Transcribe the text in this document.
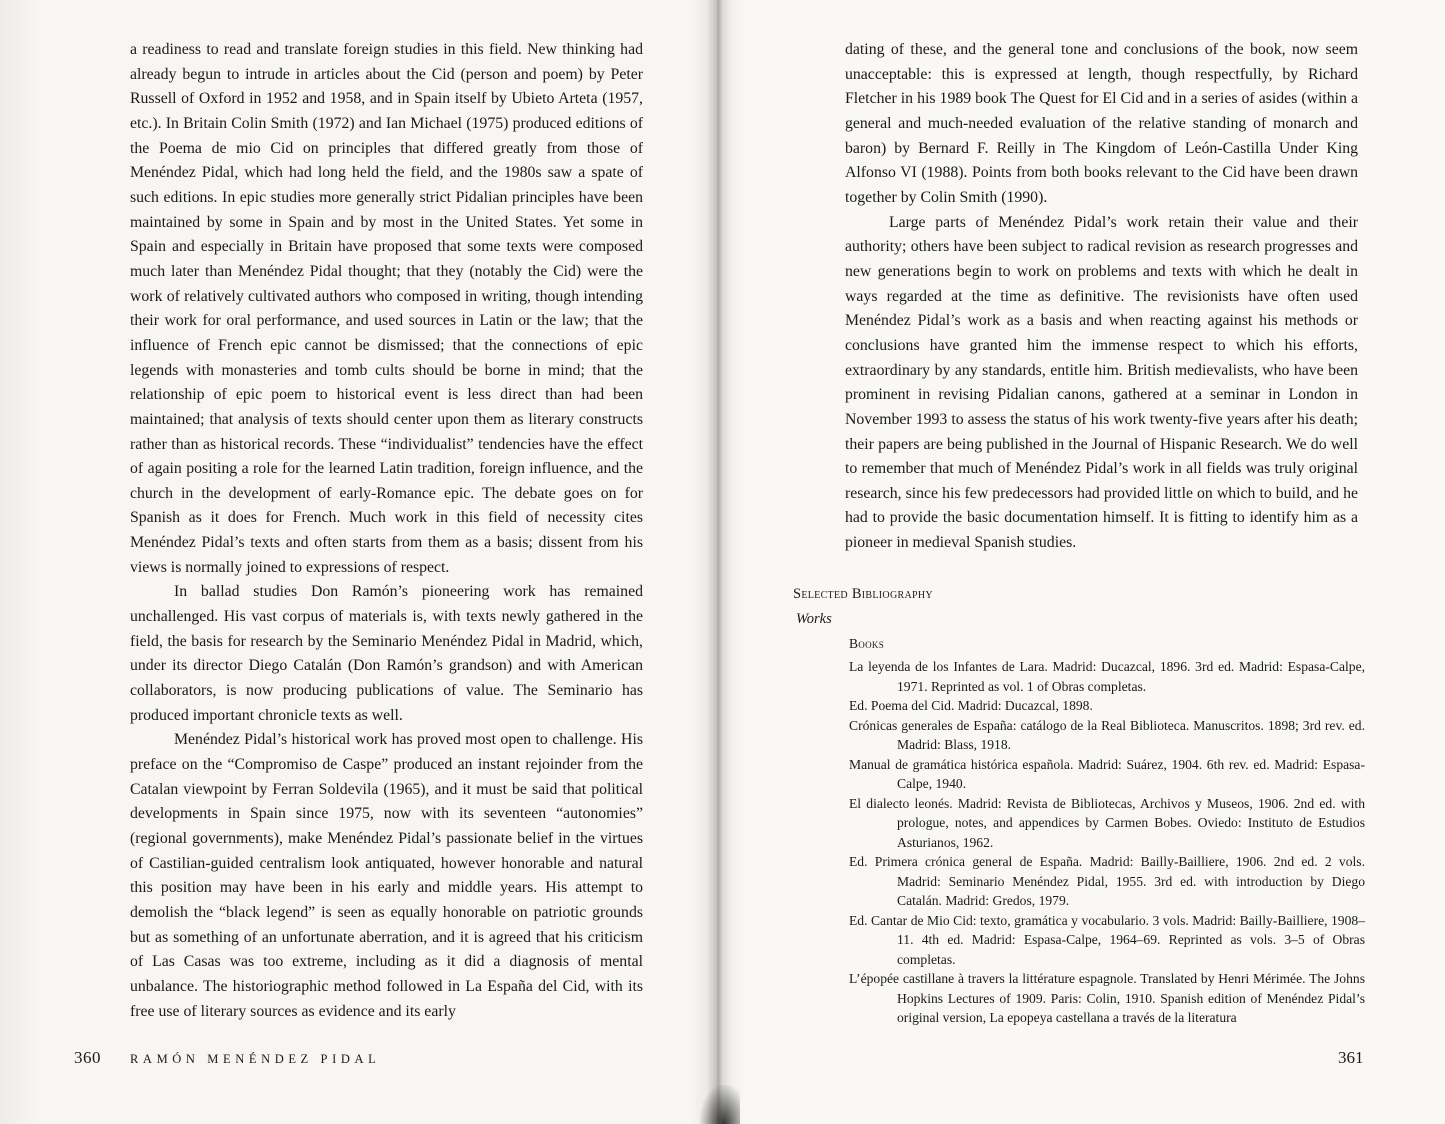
a readiness to read and translate foreign studies in this field. New thinking had already begun to intrude in articles about the Cid (person and poem) by Peter Russell of Oxford in 1952 and 1958, and in Spain itself by Ubieto Arteta (1957, etc.). In Britain Colin Smith (1972) and Ian Michael (1975) produced editions of the Poema de mio Cid on principles that differed greatly from those of Menéndez Pidal, which had long held the field, and the 1980s saw a spate of such editions. In epic studies more generally strict Pidalian principles have been maintained by some in Spain and by most in the United States. Yet some in Spain and especially in Britain have proposed that some texts were composed much later than Menéndez Pidal thought; that they (notably the Cid) were the work of relatively cultivated authors who composed in writing, though intending their work for oral performance, and used sources in Latin or the law; that the influence of French epic cannot be dismissed; that the connections of epic legends with monasteries and tomb cults should be borne in mind; that the relationship of epic poem to historical event is less direct than had been maintained; that analysis of texts should center upon them as literary constructs rather than as historical records. These “individualist” tendencies have the effect of again positing a role for the learned Latin tradition, foreign influence, and the church in the development of early-Romance epic. The debate goes on for Spanish as it does for French. Much work in this field of necessity cites Menéndez Pidal’s texts and often starts from them as a basis; dissent from his views is normally joined to expressions of respect.

In ballad studies Don Ramón’s pioneering work has remained unchallenged. His vast corpus of materials is, with texts newly gathered in the field, the basis for research by the Seminario Menéndez Pidal in Madrid, which, under its director Diego Catalán (Don Ramón’s grandson) and with American collaborators, is now producing publications of value. The Seminario has produced important chronicle texts as well.

Menéndez Pidal’s historical work has proved most open to challenge. His preface on the “Compromiso de Caspe” produced an instant rejoinder from the Catalan viewpoint by Ferran Soldevila (1965), and it must be said that political developments in Spain since 1975, now with its seventeen “autonomies” (regional governments), make Menéndez Pidal’s passionate belief in the virtues of Castilian-guided centralism look antiquated, however honorable and natural this position may have been in his early and middle years. His attempt to demolish the “black legend” is seen as equally honorable on patriotic grounds but as something of an unfortunate aberration, and it is agreed that his criticism of Las Casas was too extreme, including as it did a diagnosis of mental unbalance. The historiographic method followed in La España del Cid, with its free use of literary sources as evidence and its early

360 RAMÓN MENÉNDEZ PIDAL

dating of these, and the general tone and conclusions of the book, now seem unacceptable: this is expressed at length, though respectfully, by Richard Fletcher in his 1989 book The Quest for El Cid and in a series of asides (within a general and much-needed evaluation of the relative standing of monarch and baron) by Bernard F. Reilly in The Kingdom of León-Castilla Under King Alfonso VI (1988). Points from both books relevant to the Cid have been drawn together by Colin Smith (1990).

Large parts of Menéndez Pidal’s work retain their value and their authority; others have been subject to radical revision as research progresses and new generations begin to work on problems and texts with which he dealt in ways regarded at the time as definitive. The revisionists have often used Menéndez Pidal’s work as a basis and when reacting against his methods or conclusions have granted him the immense respect to which his efforts, extraordinary by any standards, entitle him. British medievalists, who have been prominent in revising Pidalian canons, gathered at a seminar in London in November 1993 to assess the status of his work twenty-five years after his death; their papers are being published in the Journal of Hispanic Research. We do well to remember that much of Menéndez Pidal’s work in all fields was truly original research, since his few predecessors had provided little on which to build, and he had to provide the basic documentation himself. It is fitting to identify him as a pioneer in medieval Spanish studies.

Selected Bibliography
Works
Books

La leyenda de los Infantes de Lara. Madrid: Ducazcal, 1896. 3rd ed. Madrid: Espasa-Calpe, 1971. Reprinted as vol. 1 of Obras completas.

Ed. Poema del Cid. Madrid: Ducazcal, 1898.

Crónicas generales de España: catálogo de la Real Biblioteca. Manuscritos. 1898; 3rd rev. ed. Madrid: Blass, 1918.

Manual de gramática histórica española. Madrid: Suárez, 1904. 6th rev. ed. Madrid: Espasa-Calpe, 1940.

El dialecto leonés. Madrid: Revista de Bibliotecas, Archivos y Museos, 1906. 2nd ed. with prologue, notes, and appendices by Carmen Bobes. Oviedo: Instituto de Estudios Asturianos, 1962.

Ed. Primera crónica general de España. Madrid: Bailly-Bailliere, 1906. 2nd ed. 2 vols. Madrid: Seminario Menéndez Pidal, 1955. 3rd ed. with introduction by Diego Catalán. Madrid: Gredos, 1979.

Ed. Cantar de Mio Cid: texto, gramática y vocabulario. 3 vols. Madrid: Bailly-Bailliere, 1908–11. 4th ed. Madrid: Espasa-Calpe, 1964–69. Reprinted as vols. 3–5 of Obras completas.

L’épopée castillane à travers la littérature espagnole. Translated by Henri Mérimée. The Johns Hopkins Lectures of 1909. Paris: Colin, 1910. Spanish edition of Menéndez Pidal’s original version, La epopeya castellana a través de la literatura

361
